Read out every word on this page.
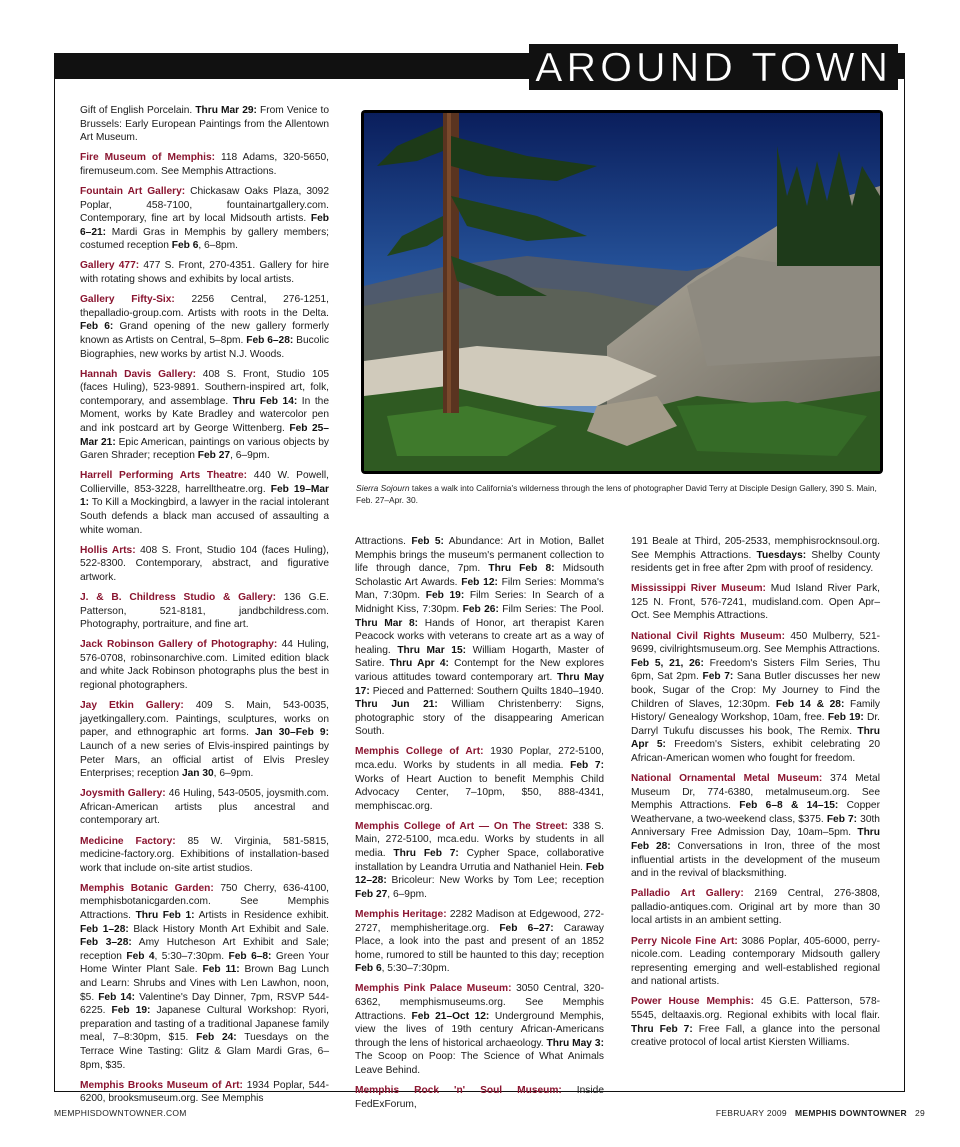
AROUND TOWN

Gift of English Porcelain. Thru Mar 29: From Venice to Brussels: Early European Paintings from the Allentown Art Museum.

Fire Museum of Memphis: 118 Adams, 320-5650, firemuseum.com. See Memphis Attractions.

Fountain Art Gallery: Chickasaw Oaks Plaza, 3092 Poplar, 458-7100, fountainartgallery.com. Contemporary, fine art by local Midsouth artists. Feb 6–21: Mardi Gras in Memphis by gallery members; costumed reception Feb 6, 6–8pm.

Gallery 477: 477 S. Front, 270-4351. Gallery for hire with rotating shows and exhibits by local artists.

Gallery Fifty-Six: 2256 Central, 276-1251, thepalladio-group.com. Artists with roots in the Delta. Feb 6: Grand opening of the new gallery formerly known as Artists on Central, 5–8pm. Feb 6–28: Bucolic Biographies, new works by artist N.J. Woods.

Hannah Davis Gallery: 408 S. Front, Studio 105 (faces Huling), 523-9891. Southern-inspired art, folk, contemporary, and assemblage. Thru Feb 14: In the Moment, works by Kate Bradley and watercolor pen and ink postcard art by George Wittenberg. Feb 25–Mar 21: Epic American, paintings on various objects by Garen Shrader; reception Feb 27, 6–9pm.

Harrell Performing Arts Theatre: 440 W. Powell, Collierville, 853-3228, harrelltheatre.org. Feb 19–Mar 1: To Kill a Mockingbird, a lawyer in the racial intolerant South defends a black man accused of assaulting a white woman.

Hollis Arts: 408 S. Front, Studio 104 (faces Huling), 522-8300. Contemporary, abstract, and figurative artwork.

J. & B. Childress Studio & Gallery: 136 G.E. Patterson, 521-8181, jandbchildress.com. Photography, portraiture, and fine art.

Jack Robinson Gallery of Photography: 44 Huling, 576-0708, robinsonarchive.com. Limited edition black and white Jack Robinson photographs plus the best in regional photographers.

Jay Etkin Gallery: 409 S. Main, 543-0035, jayetkingallery.com. Paintings, sculptures, works on paper, and ethnographic art forms. Jan 30–Feb 9: Launch of a new series of Elvis-inspired paintings by Peter Mars, an official artist of Elvis Presley Enterprises; reception Jan 30, 6–9pm.

Joysmith Gallery: 46 Huling, 543-0505, joysmith.com. African-American artists plus ancestral and contemporary art.

Medicine Factory: 85 W. Virginia, 581-5815, medicine-factory.org. Exhibitions of installation-based work that include on-site artist studios.

Memphis Botanic Garden: 750 Cherry, 636-4100, memphisbotanicgarden.com. See Memphis Attractions. Thru Feb 1: Artists in Residence exhibit. Feb 1–28: Black History Month Art Exhibit and Sale. Feb 3–28: Amy Hutcheson Art Exhibit and Sale; reception Feb 4, 5:30–7:30pm. Feb 6–8: Green Your Home Winter Plant Sale. Feb 11: Brown Bag Lunch and Learn: Shrubs and Vines with Len Lawhon, noon, $5. Feb 14: Valentine's Day Dinner, 7pm, RSVP 544-6225. Feb 19: Japanese Cultural Workshop: Ryori, preparation and tasting of a traditional Japanese family meal, 7–8:30pm, $15. Feb 24: Tuesdays on the Terrace Wine Tasting: Glitz & Glam Mardi Gras, 6–8pm, $35.

Memphis Brooks Museum of Art: 1934 Poplar, 544-6200, brooksmuseum.org. See Memphis

Sierra Sojourn takes a walk into California's wilderness through the lens of photographer David Terry at Disciple Design Gallery, 390 S. Main, Feb. 27–Apr. 30.

Attractions. Feb 5: Abundance: Art in Motion, Ballet Memphis brings the museum's permanent collection to life through dance, 7pm. Thru Feb 8: Midsouth Scholastic Art Awards. Feb 12: Film Series: Momma's Man, 7:30pm. Feb 19: Film Series: In Search of a Midnight Kiss, 7:30pm. Feb 26: Film Series: The Pool. Thru Mar 8: Hands of Honor, art therapist Karen Peacock works with veterans to create art as a way of healing. Thru Mar 15: William Hogarth, Master of Satire. Thru Apr 4: Contempt for the New explores various attitudes toward contemporary art. Thru May 17: Pieced and Patterned: Southern Quilts 1840–1940. Thru Jun 21: William Christenberry: Signs, photographic story of the disappearing American South.

Memphis College of Art: 1930 Poplar, 272-5100, mca.edu. Works by students in all media. Feb 7: Works of Heart Auction to benefit Memphis Child Advocacy Center, 7–10pm, $50, 888-4341, memphiscac.org.

Memphis College of Art — On The Street: 338 S. Main, 272-5100, mca.edu. Works by students in all media. Thru Feb 7: Cypher Space, collaborative installation by Leandra Urrutia and Nathaniel Hein. Feb 12–28: Bricoleur: New Works by Tom Lee; reception Feb 27, 6–9pm.

Memphis Heritage: 2282 Madison at Edgewood, 272-2727, memphisheritage.org. Feb 6–27: Caraway Place, a look into the past and present of an 1852 home, rumored to still be haunted to this day; reception Feb 6, 5:30–7:30pm.

Memphis Pink Palace Museum: 3050 Central, 320-6362, memphismuseums.org. See Memphis Attractions. Feb 21–Oct 12: Underground Memphis, view the lives of 19th century African-Americans through the lens of historical archaeology. Thru May 3: The Scoop on Poop: The Science of What Animals Leave Behind.

Memphis Rock 'n' Soul Museum: Inside FedExForum,

191 Beale at Third, 205-2533, memphisrocknsoul.org. See Memphis Attractions. Tuesdays: Shelby County residents get in free after 2pm with proof of residency.

Mississippi River Museum: Mud Island River Park, 125 N. Front, 576-7241, mudisland.com. Open Apr–Oct. See Memphis Attractions.

National Civil Rights Museum: 450 Mulberry, 521-9699, civilrightsmuseum.org. See Memphis Attractions. Feb 5, 21, 26: Freedom's Sisters Film Series, Thu 6pm, Sat 2pm. Feb 7: Sana Butler discusses her new book, Sugar of the Crop: My Journey to Find the Children of Slaves, 12:30pm. Feb 14 & 28: Family History/ Genealogy Workshop, 10am, free. Feb 19: Dr. Darryl Tukufu discusses his book, The Remix. Thru Apr 5: Freedom's Sisters, exhibit celebrating 20 African-American women who fought for freedom.

National Ornamental Metal Museum: 374 Metal Museum Dr, 774-6380, metalmuseum.org. See Memphis Attractions. Feb 6–8 & 14–15: Copper Weathervane, a two-weekend class, $375. Feb 7: 30th Anniversary Free Admission Day, 10am–5pm. Thru Feb 28: Conversations in Iron, three of the most influential artists in the development of the museum and in the revival of blacksmithing.

Palladio Art Gallery: 2169 Central, 276-3808, palladio-antiques.com. Original art by more than 30 local artists in an ambient setting.

Perry Nicole Fine Art: 3086 Poplar, 405-6000, perry-nicole.com. Leading contemporary Midsouth gallery representing emerging and well-established regional and national artists.

Power House Memphis: 45 G.E. Patterson, 578-5545, deltaaxis.org. Regional exhibits with local flair. Thru Feb 7: Free Fall, a glance into the personal creative protocol of local artist Kiersten Williams.

MEMPHISDOWNTOWNER.COM	FEBRUARY 2009 MEMPHIS DOWNTOWNER 29
